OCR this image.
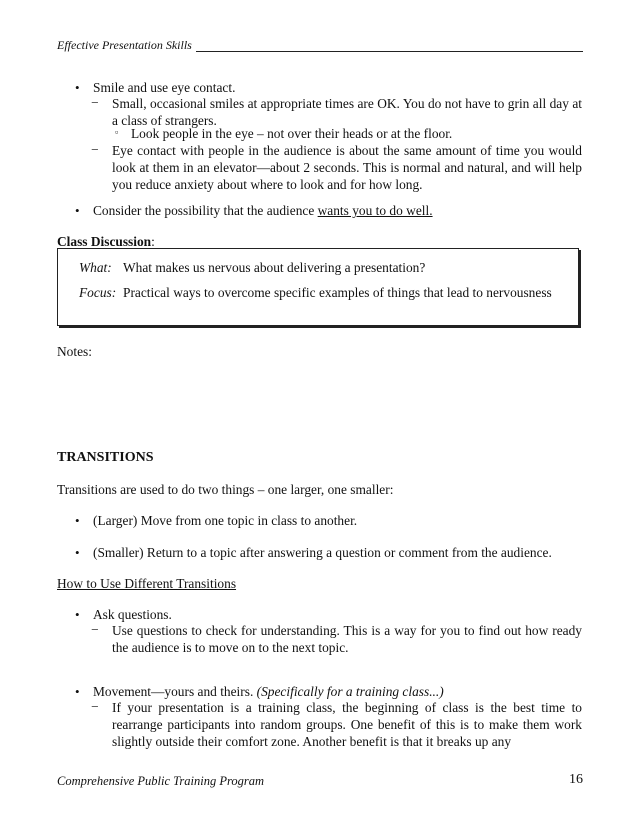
Effective Presentation Skills
• Smile and use eye contact.
− Small, occasional smiles at appropriate times are OK. You do not have to grin all day at a class of strangers.
▫ Look people in the eye – not over their heads or at the floor.
− Eye contact with people in the audience is about the same amount of time you would look at them in an elevator—about 2 seconds. This is normal and natural, and will help you reduce anxiety about where to look and for how long.
• Consider the possibility that the audience wants you to do well.
Class Discussion:
What: What makes us nervous about delivering a presentation?
Focus: Practical ways to overcome specific examples of things that lead to nervousness
Notes:
TRANSITIONS
Transitions are used to do two things – one larger, one smaller:
• (Larger) Move from one topic in class to another.
• (Smaller) Return to a topic after answering a question or comment from the audience.
How to Use Different Transitions
• Ask questions.
− Use questions to check for understanding. This is a way for you to find out how ready the audience is to move on to the next topic.
• Movement—yours and theirs. (Specifically for a training class...)
− If your presentation is a training class, the beginning of class is the best time to rearrange participants into random groups. One benefit of this is to make them work slightly outside their comfort zone. Another benefit is that it breaks up any
Comprehensive Public Training Program	16
